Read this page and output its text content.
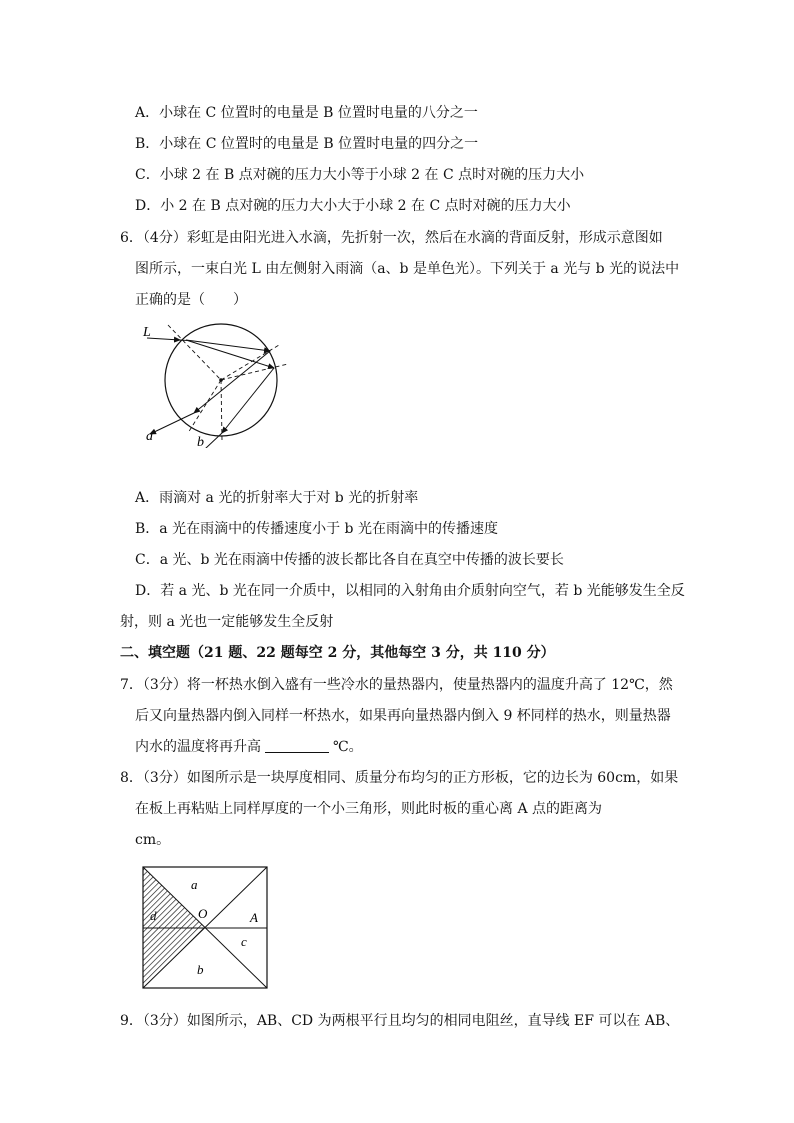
A．小球在 C 位置时的电量是 B 位置时电量的八分之一
B．小球在 C 位置时的电量是 B 位置时电量的四分之一
C．小球 2 在 B 点对碗的压力大小等于小球 2 在 C 点时对碗的压力大小
D．小 2 在 B 点对碗的压力大小大于小球 2 在 C 点时对碗的压力大小
6．（4分）彩虹是由阳光进入水滴，先折射一次，然后在水滴的背面反射，形成示意图如
图所示，一束白光 L 由左侧射入雨滴（a、b 是单色光）。下列关于 a 光与 b 光的说法中
正确的是（　　）
L
a	b
A．雨滴对 a 光的折射率大于对 b 光的折射率
B．a 光在雨滴中的传播速度小于 b 光在雨滴中的传播速度
C．a 光、b 光在雨滴中传播的波长都比各自在真空中传播的波长要长
D．若 a 光、b 光在同一介质中，以相同的入射角由介质射向空气，若 b 光能够发生全反
射，则 a 光也一定能够发生全反射
二、填空题（21 题、22 题每空 2 分，其他每空 3 分，共 110 分）
7．（3分）将一杯热水倒入盛有一些冷水的量热器内，使量热器内的温度升高了 12℃，然
后又向量热器内倒入同样一杯热水，如果再向量热器内倒入 9 杯同样的热水，则量热器
内水的温度将再升高	℃。
8．（3分）如图所示是一块厚度相同、质量分布均匀的正方形板，它的边长为 60cm，如果
在板上再粘贴上同样厚度的一个小三角形，则此时板的重心离 A 点的距离为
cm。
a
d	O	A
c
b
9．（3分）如图所示，AB、CD 为两根平行且均匀的相同电阻丝，直导线 EF 可以在 AB、
